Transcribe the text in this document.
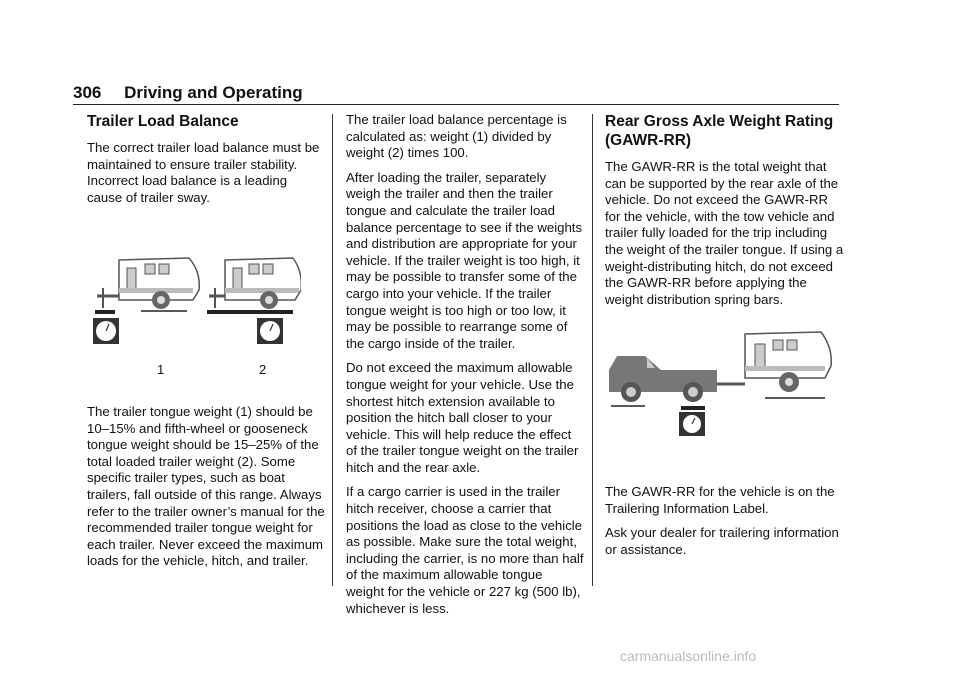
306 Driving and Operating
Trailer Load Balance

The correct trailer load balance must be maintained to ensure trailer stability. Incorrect load balance is a leading cause of trailer sway.

1	2

The trailer tongue weight (1) should be 10–15% and fifth-wheel or gooseneck tongue weight should be 15–25% of the total loaded trailer weight (2). Some specific trailer types, such as boat trailers, fall outside of this range. Always refer to the trailer owner’s manual for the recommended trailer tongue weight for each trailer. Never exceed the maximum loads for the vehicle, hitch, and trailer.

The trailer load balance percentage is calculated as: weight (1) divided by weight (2) times 100.

After loading the trailer, separately weigh the trailer and then the trailer tongue and calculate the trailer load balance percentage to see if the weights and distribution are appropriate for your vehicle. If the trailer weight is too high, it may be possible to transfer some of the cargo into your vehicle. If the trailer tongue weight is too high or too low, it may be possible to rearrange some of the cargo inside of the trailer.

Do not exceed the maximum allowable tongue weight for your vehicle. Use the shortest hitch extension available to position the hitch ball closer to your vehicle. This will help reduce the effect of the trailer tongue weight on the trailer hitch and the rear axle.

If a cargo carrier is used in the trailer hitch receiver, choose a carrier that positions the load as close to the vehicle as possible. Make sure the total weight, including the carrier, is no more than half of the maximum allowable tongue weight for the vehicle or 227 kg (500 lb), whichever is less.

Rear Gross Axle Weight Rating (GAWR-RR)

The GAWR-RR is the total weight that can be supported by the rear axle of the vehicle. Do not exceed the GAWR-RR for the vehicle, with the tow vehicle and trailer fully loaded for the trip including the weight of the trailer tongue. If using a weight-distributing hitch, do not exceed the GAWR-RR before applying the weight distribution spring bars.

The GAWR-RR for the vehicle is on the Trailering Information Label.

Ask your dealer for trailering information or assistance.

carmanualsonline.info
